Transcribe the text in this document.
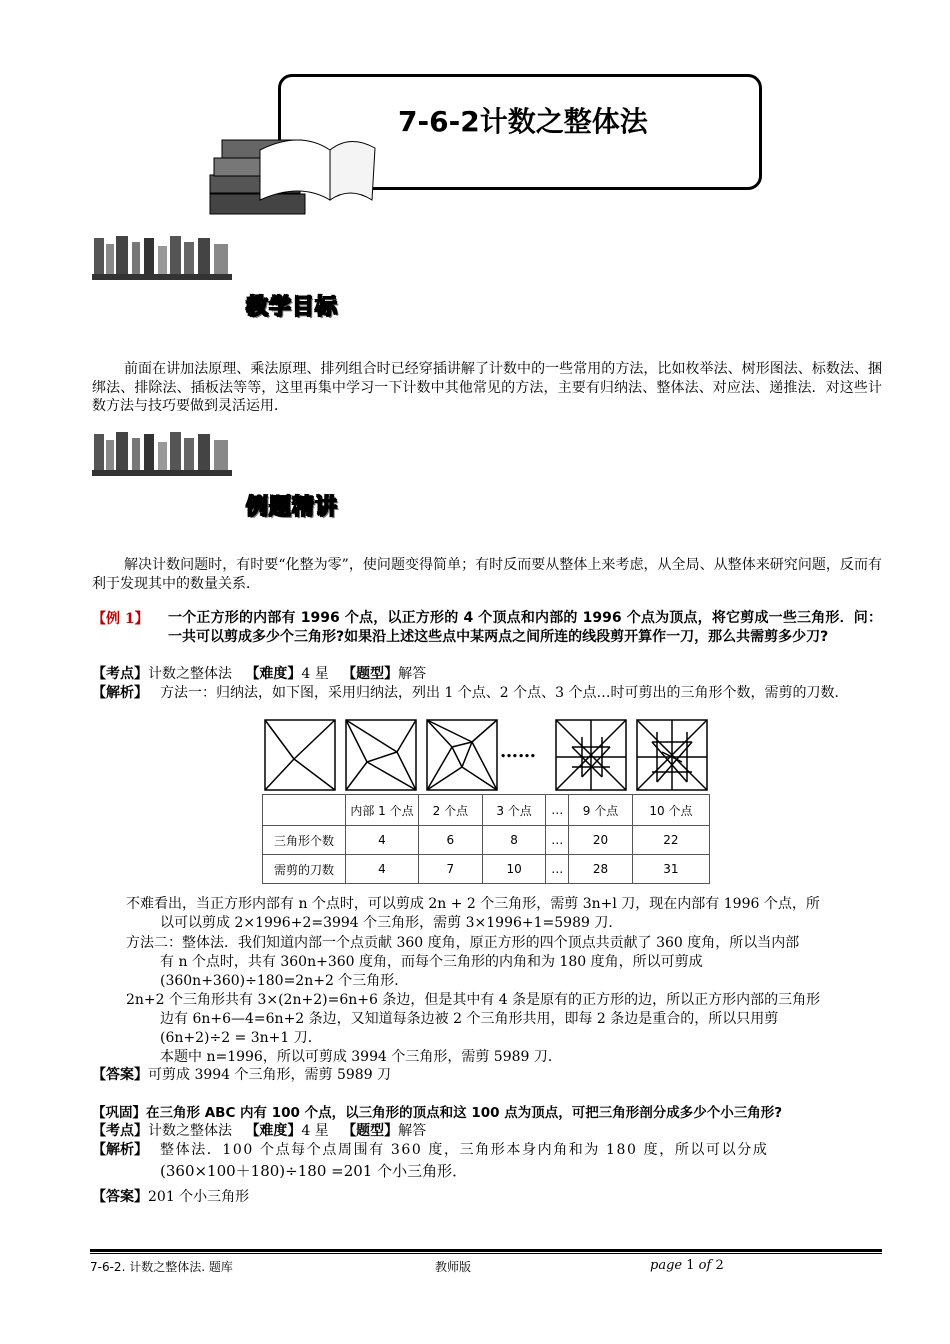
7-6-2计数之整体法
教学目标
前面在讲加法原理、乘法原理、排列组合时已经穿插讲解了计数中的一些常用的方法，比如枚举法、树形图法、标数法、捆绑法、排除法、插板法等等，这里再集中学习一下计数中其他常见的方法，主要有归纳法、整体法、对应法、递推法．对这些计数方法与技巧要做到灵活运用．
例题精讲
解决计数问题时，有时要“化整为零”，使问题变得简单；有时反而要从整体上来考虑，从全局、从整体来研究问题，反而有利于发现其中的数量关系．
【例 1】 一个正方形的内部有 1996 个点，以正方形的 4 个顶点和内部的 1996 个点为顶点，将它剪成一些三角形．问：一共可以剪成多少个三角形?如果沿上述这些点中某两点之间所连的线段剪开算作一刀，那么共需剪多少刀?
【考点】计数之整体法 【难度】4 星 【题型】解答
【解析】 方法一：归纳法，如下图，采用归纳法，列出 1 个点、2 个点、3 个点…时可剪出的三角形个数，需剪的刀数．
……
	内部 1 个点	2 个点	3 个点	…	9 个点	10 个点
三角形个数	4	6	8	…	20	22
需剪的刀数	4	7	10	…	28	31
不难看出，当正方形内部有 n 个点时，可以剪成 2n + 2 个三角形，需剪 3n+l 刀，现在内部有 1996 个点，所
以可以剪成 2×1996+2=3994 个三角形，需剪 3×1996+1=5989 刀．
方法二：整体法．我们知道内部一个点贡献 360 度角，原正方形的四个顶点共贡献了 360 度角，所以当内部
有 n 个点时，共有 360n+360 度角，而每个三角形的内角和为 180 度角，所以可剪成
(360n+360)÷180=2n+2 个三角形．
2n+2 个三角形共有 3×(2n+2)=6n+6 条边，但是其中有 4 条是原有的正方形的边，所以正方形内部的三角形
边有 6n+6—4=6n+2 条边，又知道每条边被 2 个三角形共用，即每 2 条边是重合的，所以只用剪
(6n+2)÷2 = 3n+1 刀．
本题中 n=1996，所以可剪成 3994 个三角形，需剪 5989 刀．
【答案】可剪成 3994 个三角形，需剪 5989 刀
【巩固】在三角形 ABC 内有 100 个点，以三角形的顶点和这 100 点为顶点，可把三角形剖分成多少个小三角形?
【考点】计数之整体法 【难度】4 星 【题型】解答
【解析】 整体法．100 个点每个点周围有 360 度，三角形本身内角和为 180 度，所以可以分成
(360×100＋180)÷180 =201 个小三角形．
【答案】201 个小三角形
7-6-2. 计数之整体法. 题库	教师版	page 1 of 2
